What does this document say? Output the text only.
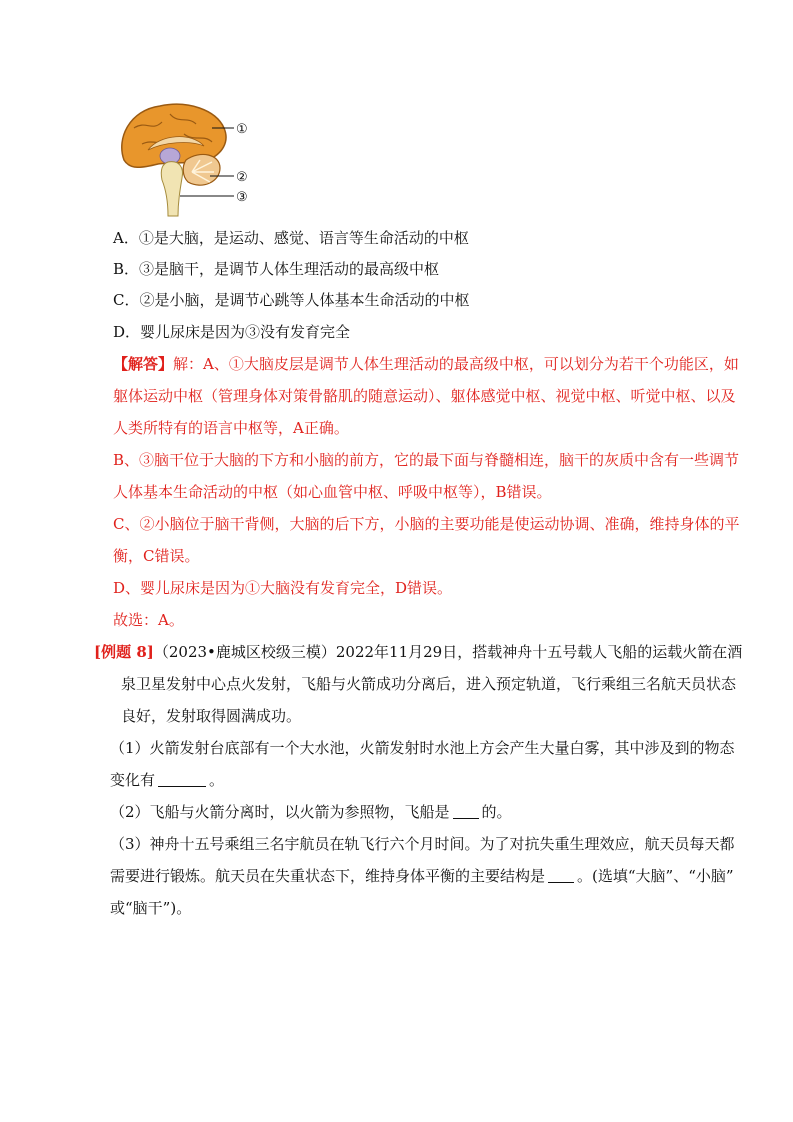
①
②
③
A．①是大脑，是运动、感觉、语言等生命活动的中枢
B．③是脑干，是调节人体生理活动的最高级中枢
C．②是小脑，是调节心跳等人体基本生命活动的中枢
D．婴儿尿床是因为③没有发育完全
【解答】解：A、①大脑皮层是调节人体生理活动的最高级中枢，可以划分为若干个功能区，如
躯体运动中枢（管理身体对策骨骼肌的随意运动）、躯体感觉中枢、视觉中枢、听觉中枢、以及
人类所特有的语言中枢等，A正确。
B、③脑干位于大脑的下方和小脑的前方，它的最下面与脊髓相连，脑干的灰质中含有一些调节
人体基本生命活动的中枢（如心血管中枢、呼吸中枢等），B错误。
C、②小脑位于脑干背侧，大脑的后下方，小脑的主要功能是使运动协调、准确，维持身体的平
衡，C错误。
D、婴儿尿床是因为①大脑没有发育完全，D错误。
故选：A。
[例题 8]（2023•鹿城区校级三模）2022年11月29日，搭载神舟十五号载人飞船的运载火箭在酒
泉卫星发射中心点火发射，飞船与火箭成功分离后，进入预定轨道，飞行乘组三名航天员状态
良好，发射取得圆满成功。
（1）火箭发射台底部有一个大水池，火箭发射时水池上方会产生大量白雾，其中涉及到的物态
变化有	。
（2）飞船与火箭分离时，以火箭为参照物，飞船是 的。
（3）神舟十五号乘组三名宇航员在轨飞行六个月时间。为了对抗失重生理效应，航天员每天都
需要进行锻炼。航天员在失重状态下，维持身体平衡的主要结构是 。(选填“大脑”、“小脑”
或“脑干”)。
